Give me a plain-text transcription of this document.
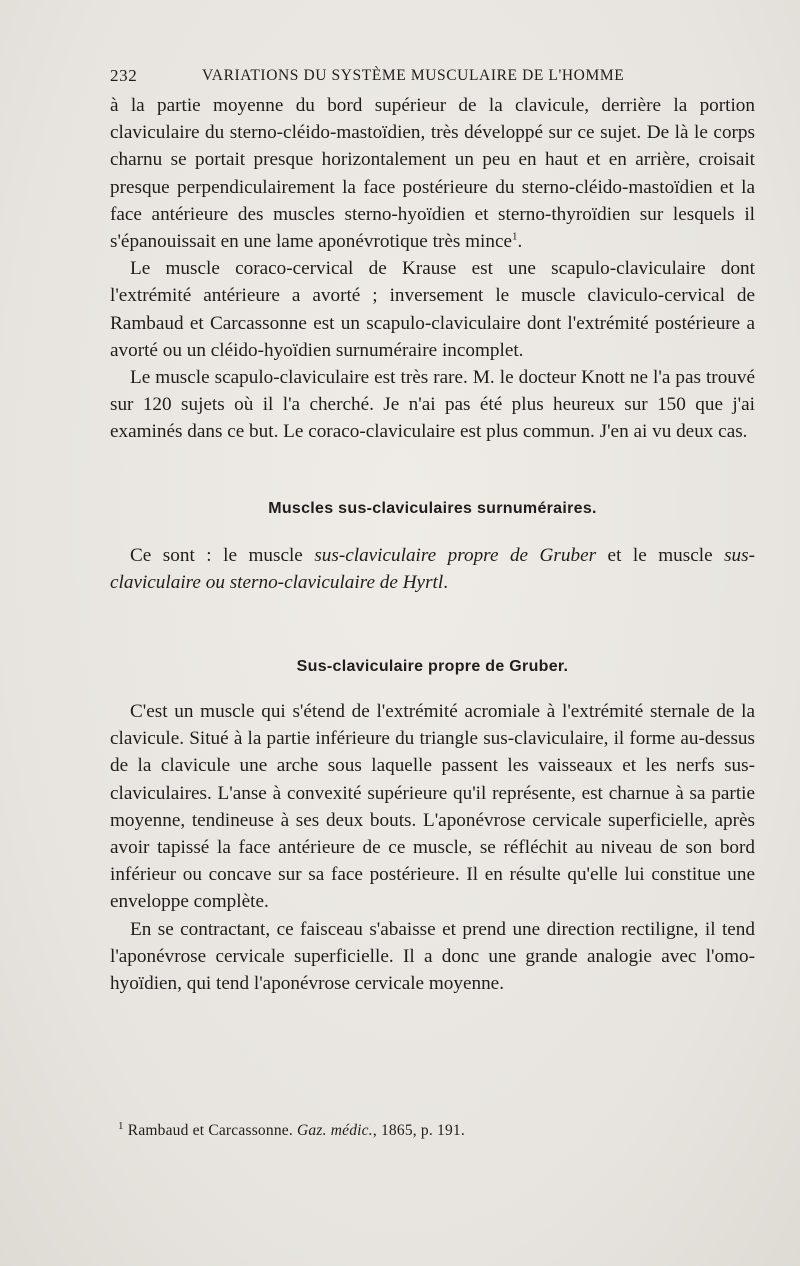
232	VARIATIONS DU SYSTÈME MUSCULAIRE DE L'HOMME

à la partie moyenne du bord supérieur de la clavicule, derrière la portion claviculaire du sterno-cléido-mastoïdien, très développé sur ce sujet. De là le corps charnu se portait presque horizontalement un peu en haut et en arrière, croisait presque perpendiculairement la face postérieure du sterno-cléido-mastoïdien et la face antérieure des muscles sterno-hyoïdien et sterno-thyroïdien sur lesquels il s'épanouissait en une lame aponévrotique très mince$^1$.

Le muscle coraco-cervical de Krause est une scapulo-claviculaire dont l'extrémité antérieure a avorté ; inversement le muscle claviculo-cervical de Rambaud et Carcassonne est un scapulo-claviculaire dont l'extrémité postérieure a avorté ou un cléido-hyoïdien surnuméraire incomplet.

Le muscle scapulo-claviculaire est très rare. M. le docteur Knott ne l'a pas trouvé sur 120 sujets où il l'a cherché. Je n'ai pas été plus heureux sur 150 que j'ai examinés dans ce but. Le coraco-claviculaire est plus commun. J'en ai vu deux cas.

Muscles sus-claviculaires surnuméraires.

Ce sont : le muscle sus-claviculaire propre de Gruber et le muscle sus-claviculaire ou sterno-claviculaire de Hyrtl.

Sus-claviculaire propre de Gruber.

C'est un muscle qui s'étend de l'extrémité acromiale à l'extrémité sternale de la clavicule. Situé à la partie inférieure du triangle sus-claviculaire, il forme au-dessus de la clavicule une arche sous laquelle passent les vaisseaux et les nerfs sus-claviculaires. L'anse à convexité supérieure qu'il représente, est charnue à sa partie moyenne, tendineuse à ses deux bouts. L'aponévrose cervicale superficielle, après avoir tapissé la face antérieure de ce muscle, se réfléchit au niveau de son bord inférieur ou concave sur sa face postérieure. Il en résulte qu'elle lui constitue une enveloppe complète.

En se contractant, ce faisceau s'abaisse et prend une direction rectiligne, il tend l'aponévrose cervicale superficielle. Il a donc une grande analogie avec l'omo-hyoïdien, qui tend l'aponévrose cervicale moyenne.

$^1$ Rambaud et Carcassonne. Gaz. médic., 1865, p. 191.
